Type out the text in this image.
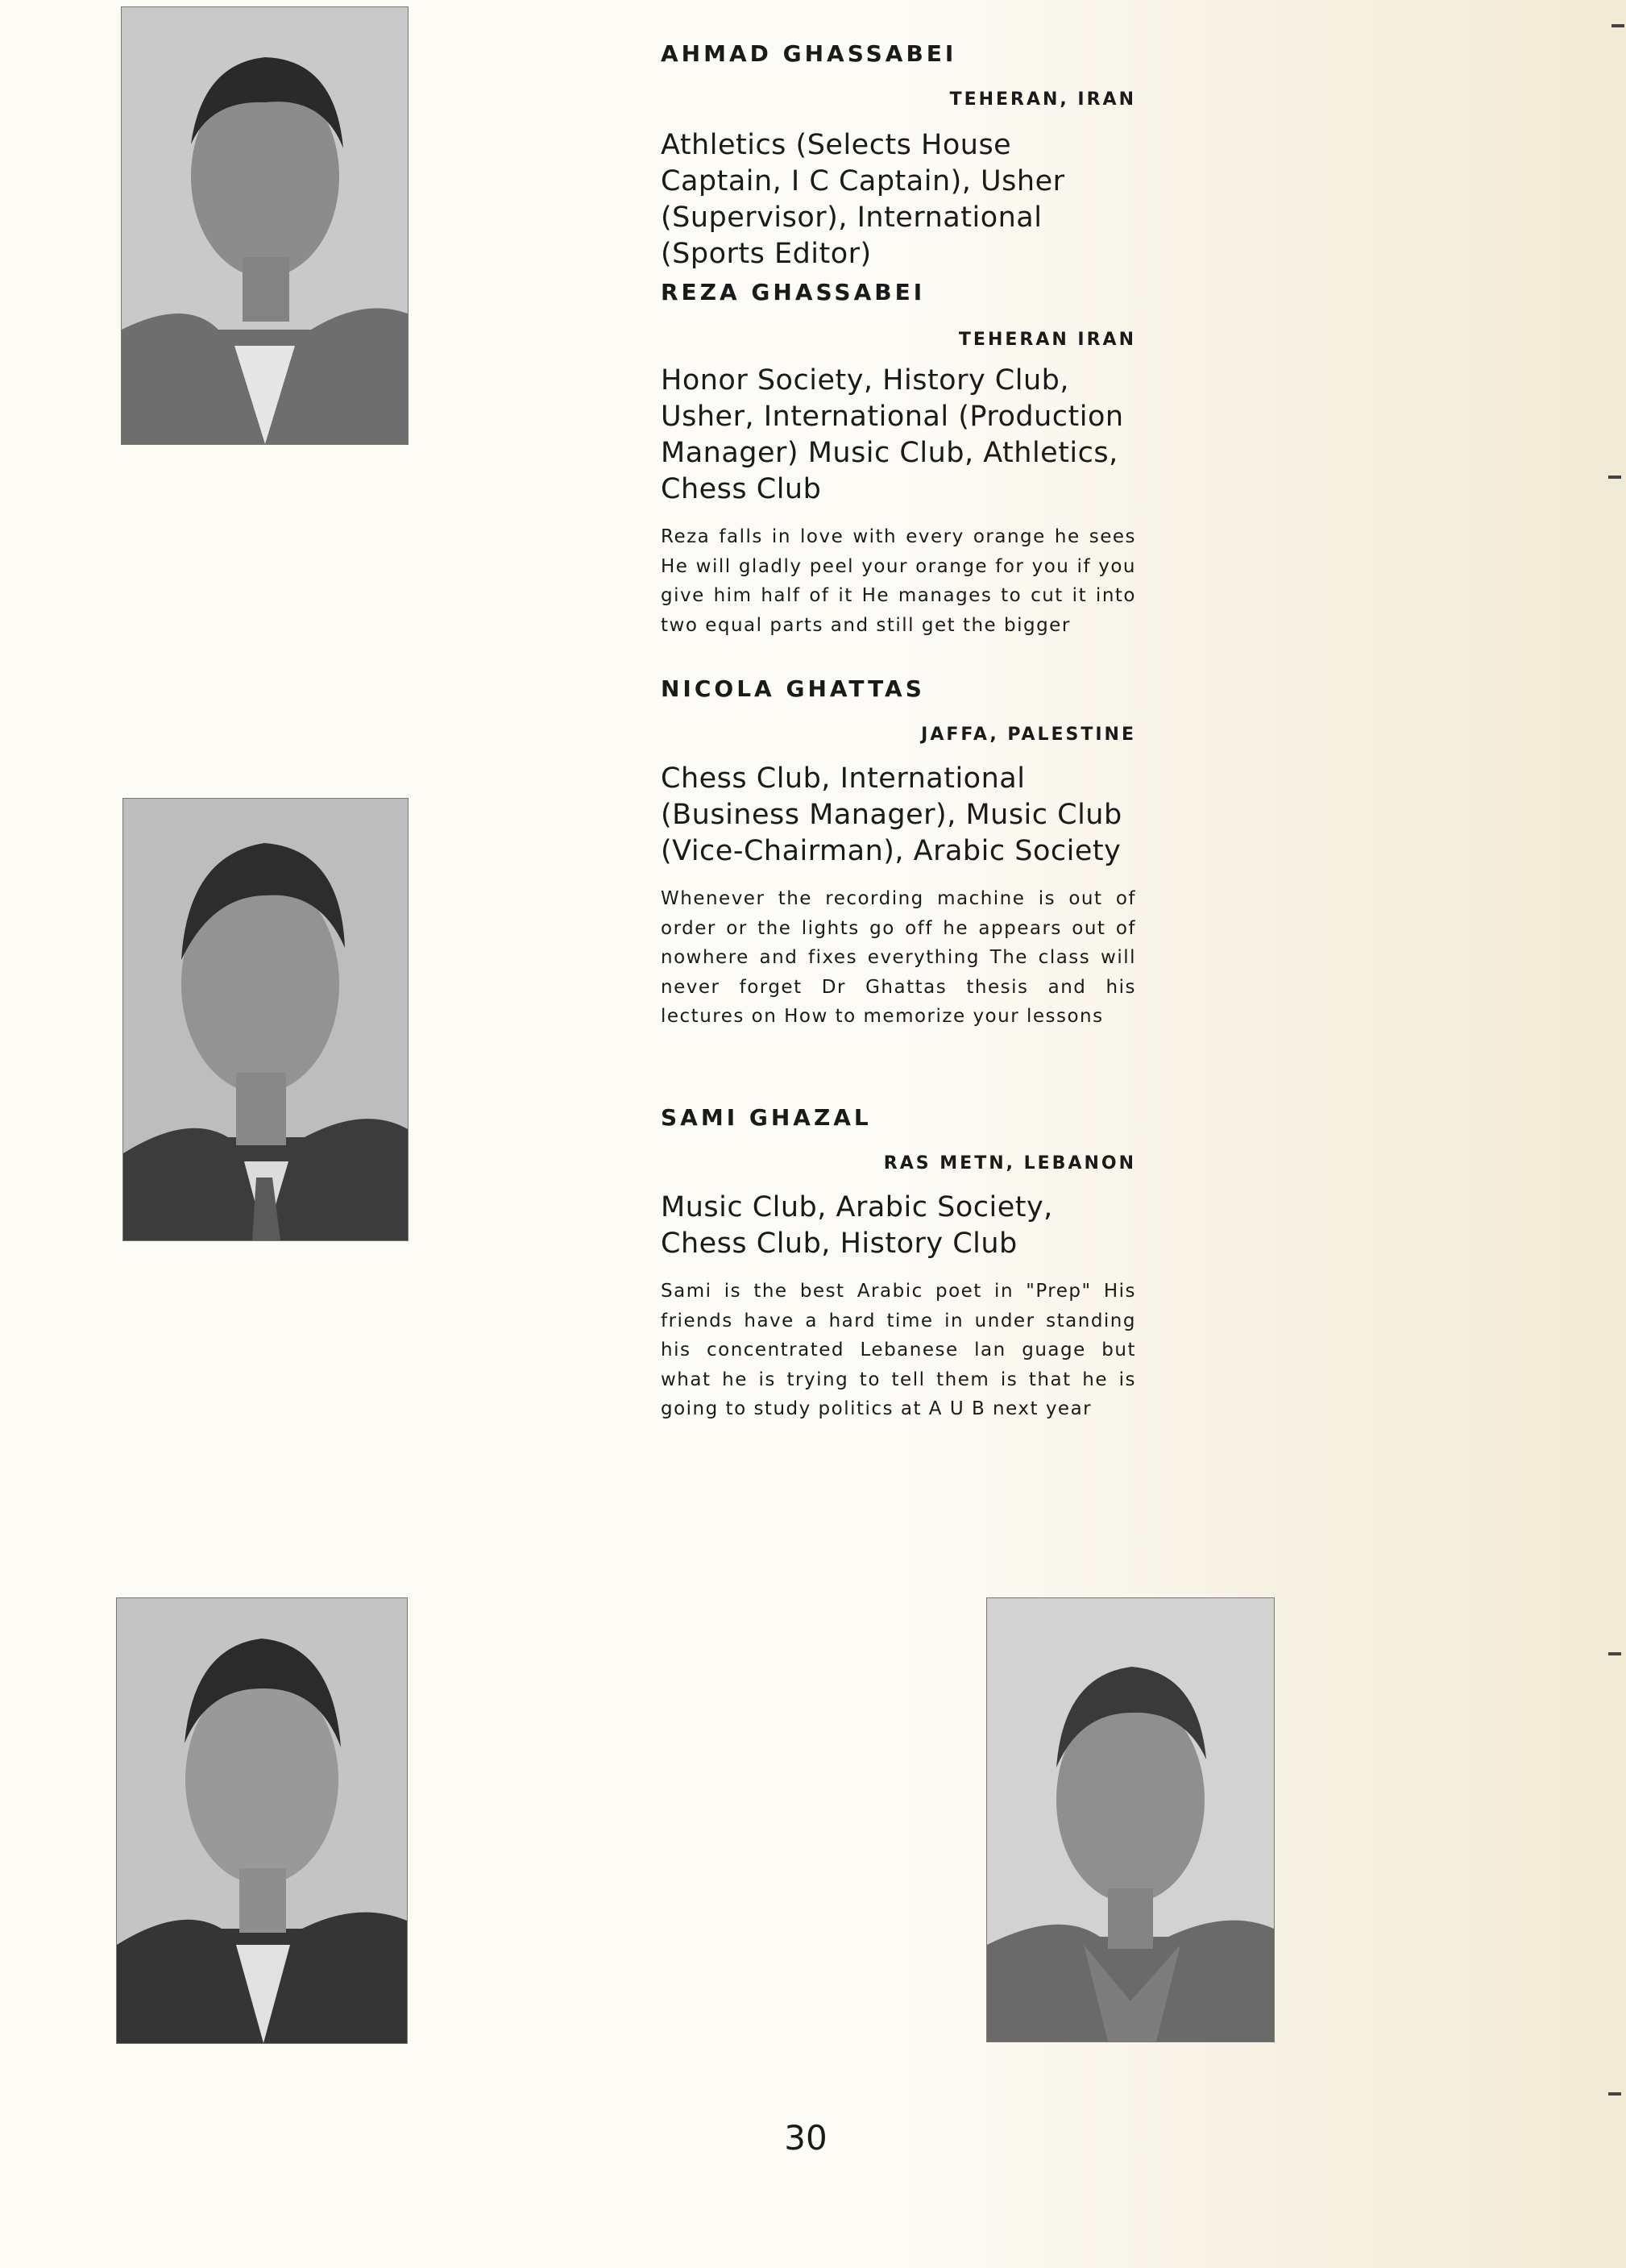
AHMAD GHASSABEI

TEHERAN, IRAN

Athletics (Selects House Captain, I C Captain), Usher (Supervisor), International (Sports Editor)

REZA GHASSABEI

TEHERAN IRAN

Honor Society, History Club, Usher, International (Production Manager) Music Club, Athletics, Chess Club

Reza falls in love with every orange he sees He will gladly peel your orange for you if you give him half of it He manages to cut it into two equal parts and still get the bigger

NICOLA GHATTAS

JAFFA, PALESTINE

Chess Club, International (Business Manager), Music Club (Vice-Chairman), Arabic Society

Whenever the recording machine is out of order or the lights go off he appears out of nowhere and fixes everything The class will never forget Dr Ghattas thesis and his lectures on How to memorize your lessons

SAMI GHAZAL

RAS METN, LEBANON

Music Club, Arabic Society, Chess Club, History Club

Sami is the best Arabic poet in "Prep" His friends have a hard time in under standing his concentrated Lebanese lan guage but what he is trying to tell them is that he is going to study politics at A U B next year

30
